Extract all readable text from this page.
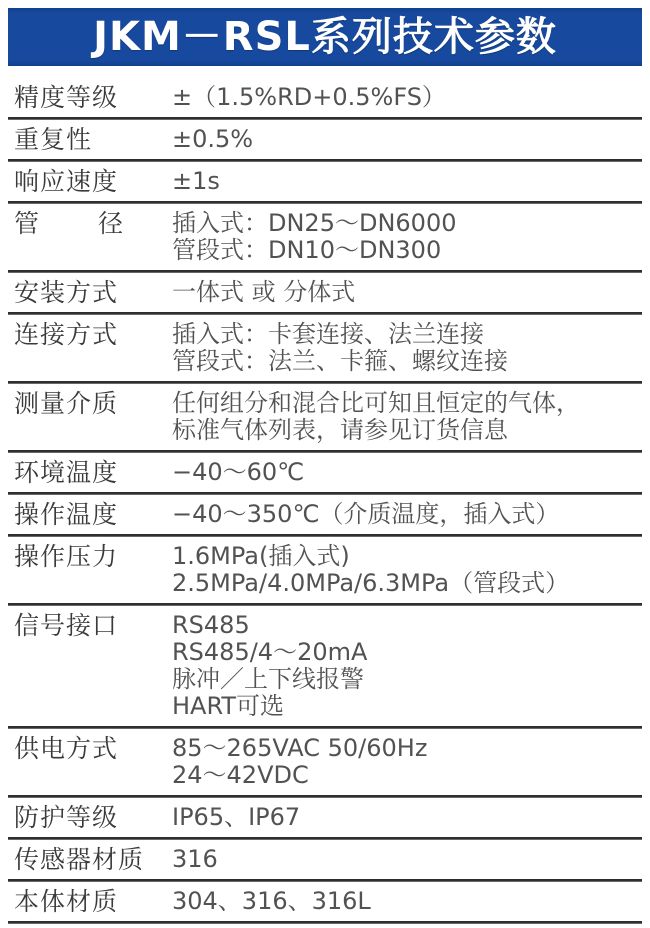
JKM－RSL系列技术参数
精度等级	±（1.5%RD+0.5%FS）
重复性	±0.5%
响应速度	±1s
管 径 插入式：DN25～DN6000
管段式：DN10～DN300
安装方式	一体式 或 分体式
连接方式	插入式：卡套连接、法兰连接
管段式：法兰、卡箍、螺纹连接
测量介质	任何组分和混合比可知且恒定的气体，
标准气体列表，请参见订货信息
环境温度	−40～60℃
操作温度	−40～350℃（介质温度，插入式）
操作压力	1.6MPa(插入式)
2.5MPa/4.0MPa/6.3MPa（管段式）
信号接口	RS485
RS485/4～20mA
脉冲／上下线报警
HART可选
供电方式	85～265VAC 50/60Hz
24～42VDC
防护等级	IP65、IP67
传感器材质	316
本体材质	304、316、316L
